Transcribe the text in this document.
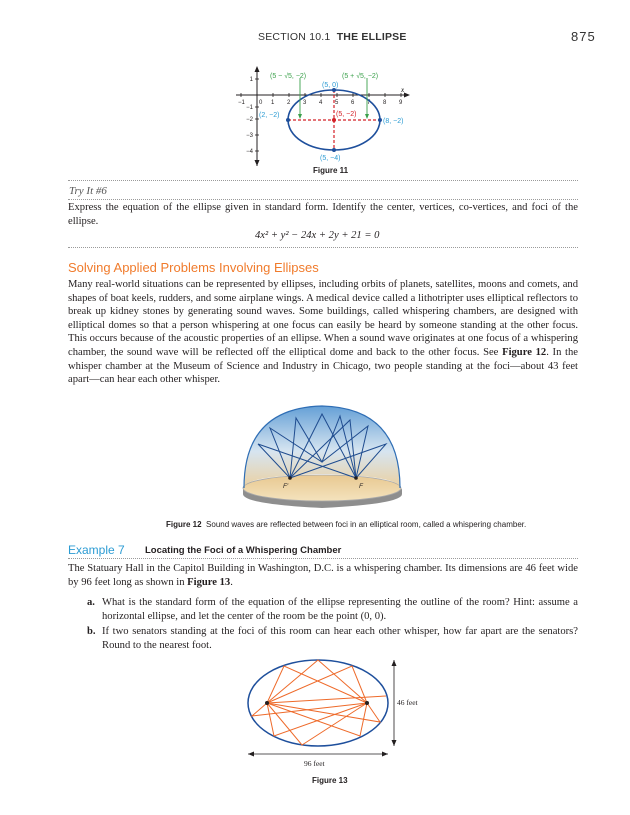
SECTION 10.1 THE ELLIPSE	875
x
−1 0 1 2 3 4 5 6 7 8 9
1
−1
−2
−3
−4
(5 − √5, −2)	(5 + √5, −2)
(5, 0)
(2, −2)	(5, −2)
(8, −2)
(5, −4)
Figure 11
Try It #6
Express the equation of the ellipse given in standard form. Identify the center, vertices, co-vertices, and foci of the ellipse.
4x² + y² − 24x + 2y + 21 = 0
Solving Applied Problems Involving Ellipses
Many real-world situations can be represented by ellipses, including orbits of planets, satellites, moons and comets, and shapes of boat keels, rudders, and some airplane wings. A medical device called a lithotripter uses elliptical reflectors to break up kidney stones by generating sound waves. Some buildings, called whispering chambers, are designed with elliptical domes so that a person whispering at one focus can easily be heard by someone standing at the other focus. This occurs because of the acoustic properties of an ellipse. When a sound wave originates at one focus of a whispering chamber, the sound wave will be reflected off the elliptical dome and back to the other focus. See Figure 12. In the whisper chamber at the Museum of Science and Industry in Chicago, two people standing at the foci—about 43 feet apart—can hear each other whisper.
F′	F
Figure 12 Sound waves are reflected between foci in an elliptical room, called a whispering chamber.
Example 7 Locating the Foci of a Whispering Chamber
The Statuary Hall in the Capitol Building in Washington, D.C. is a whispering chamber. Its dimensions are 46 feet wide by 96 feet long as shown in Figure 13.
a. What is the standard form of the equation of the ellipse representing the outline of the room? Hint: assume a horizontal ellipse, and let the center of the room be the point (0, 0).
b. If two senators standing at the foci of this room can hear each other whisper, how far apart are the senators? Round to the nearest foot.
96 feet
46 feet
Figure 13
